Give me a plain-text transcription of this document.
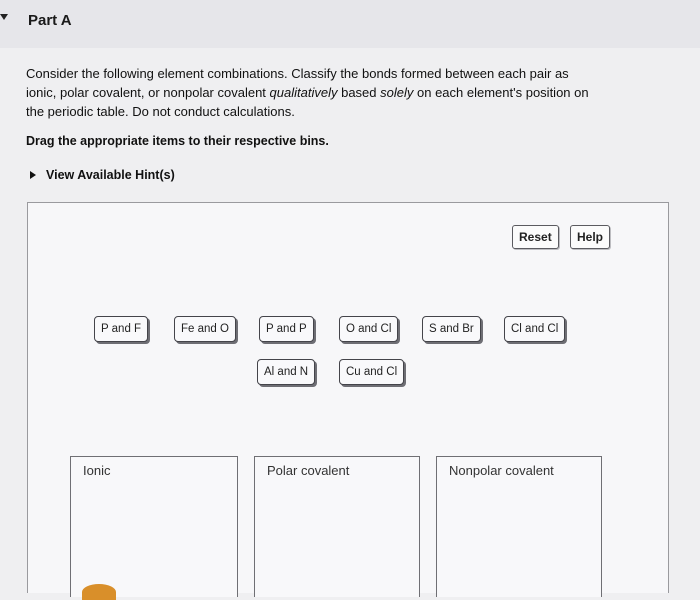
Part A
Consider the following element combinations. Classify the bonds formed between each pair as
ionic, polar covalent, or nonpolar covalent qualitatively based solely on each element's position on
the periodic table. Do not conduct calculations.
Drag the appropriate items to their respective bins.
View Available Hint(s)
Reset	Help
P and F	Fe and O	P and P	O and Cl	S and Br	Cl and Cl
Al and N	Cu and Cl
Ionic	Polar covalent	Nonpolar covalent
